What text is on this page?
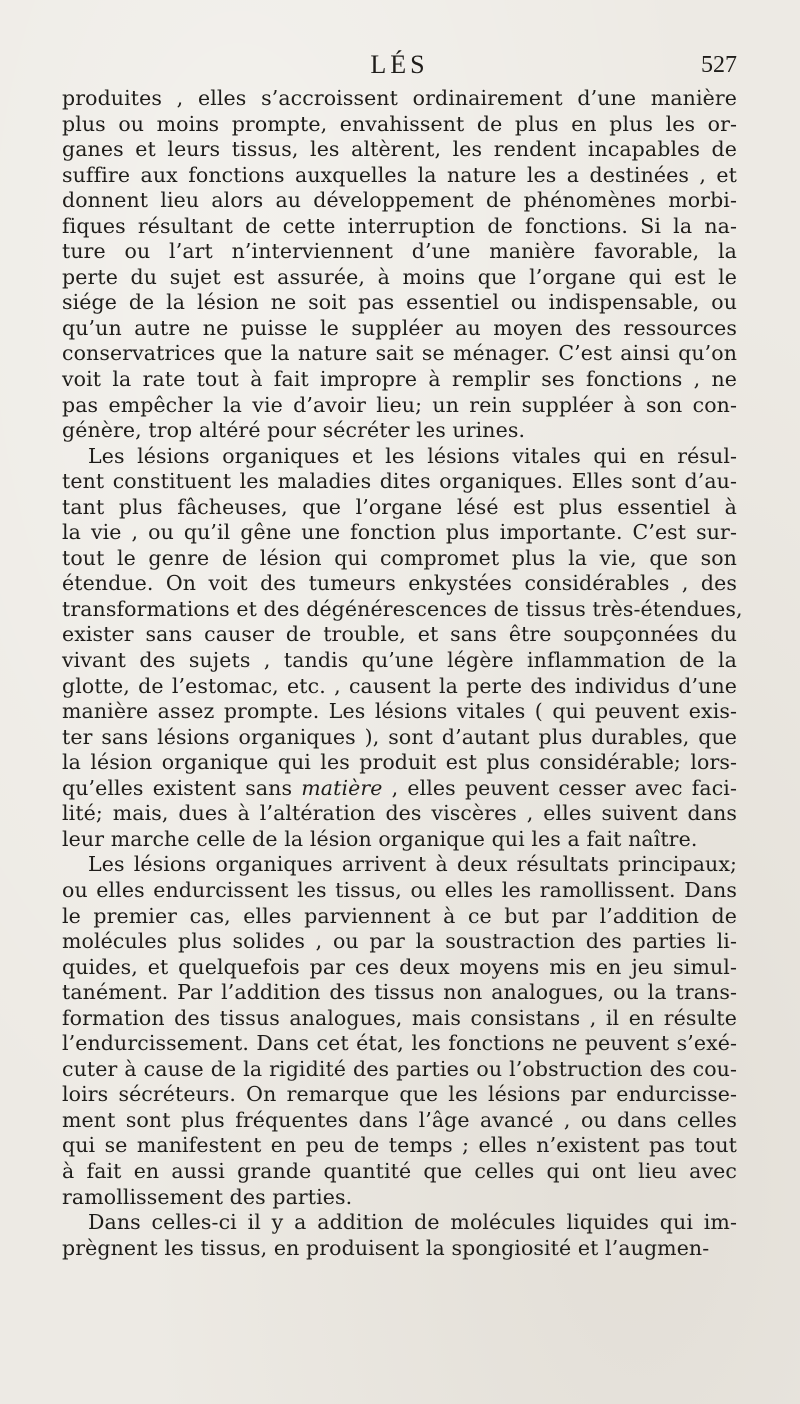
LÉS	527
produites , elles s’accroissent ordinairement d’une manière
plus ou moins prompte, envahissent de plus en plus les or-
ganes et leurs tissus, les altèrent, les rendent incapables de
suffire aux fonctions auxquelles la nature les a destinées , et
donnent lieu alors au développement de phénomènes morbi-
fiques résultant de cette interruption de fonctions. Si la na-
ture ou l’art n’interviennent d’une manière favorable, la
perte du sujet est assurée, à moins que l’organe qui est le
siége de la lésion ne soit pas essentiel ou indispensable, ou
qu’un autre ne puisse le suppléer au moyen des ressources
conservatrices que la nature sait se ménager. C’est ainsi qu’on
voit la rate tout à fait impropre à remplir ses fonctions , ne
pas empêcher la vie d’avoir lieu; un rein suppléer à son con-
génère, trop altéré pour sécréter les urines.
Les lésions organiques et les lésions vitales qui en résul-
tent constituent les maladies dites organiques. Elles sont d’au-
tant plus fâcheuses, que l’organe lésé est plus essentiel à
la vie , ou qu’il gêne une fonction plus importante. C’est sur-
tout le genre de lésion qui compromet plus la vie, que son
étendue. On voit des tumeurs enkystées considérables , des
transformations et des dégénérescences de tissus très-étendues,
exister sans causer de trouble, et sans être soupçonnées du
vivant des sujets , tandis qu’une légère inflammation de la
glotte, de l’estomac, etc. , causent la perte des individus d’une
manière assez prompte. Les lésions vitales ( qui peuvent exis-
ter sans lésions organiques ), sont d’autant plus durables, que
la lésion organique qui les produit est plus considérable; lors-
qu’elles existent sans matière , elles peuvent cesser avec faci-
lité; mais, dues à l’altération des viscères , elles suivent dans
leur marche celle de la lésion organique qui les a fait naître.
Les lésions organiques arrivent à deux résultats principaux;
ou elles endurcissent les tissus, ou elles les ramollissent. Dans
le premier cas, elles parviennent à ce but par l’addition de
molécules plus solides , ou par la soustraction des parties li-
quides, et quelquefois par ces deux moyens mis en jeu simul-
tanément. Par l’addition des tissus non analogues, ou la trans-
formation des tissus analogues, mais consistans , il en résulte
l’endurcissement. Dans cet état, les fonctions ne peuvent s’exé-
cuter à cause de la rigidité des parties ou l’obstruction des cou-
loirs sécréteurs. On remarque que les lésions par endurcisse-
ment sont plus fréquentes dans l’âge avancé , ou dans celles
qui se manifestent en peu de temps ; elles n’existent pas tout
à fait en aussi grande quantité que celles qui ont lieu avec
ramollissement des parties.
Dans celles-ci il y a addition de molécules liquides qui im-
prègnent les tissus, en produisent la spongiosité et l’augmen-
